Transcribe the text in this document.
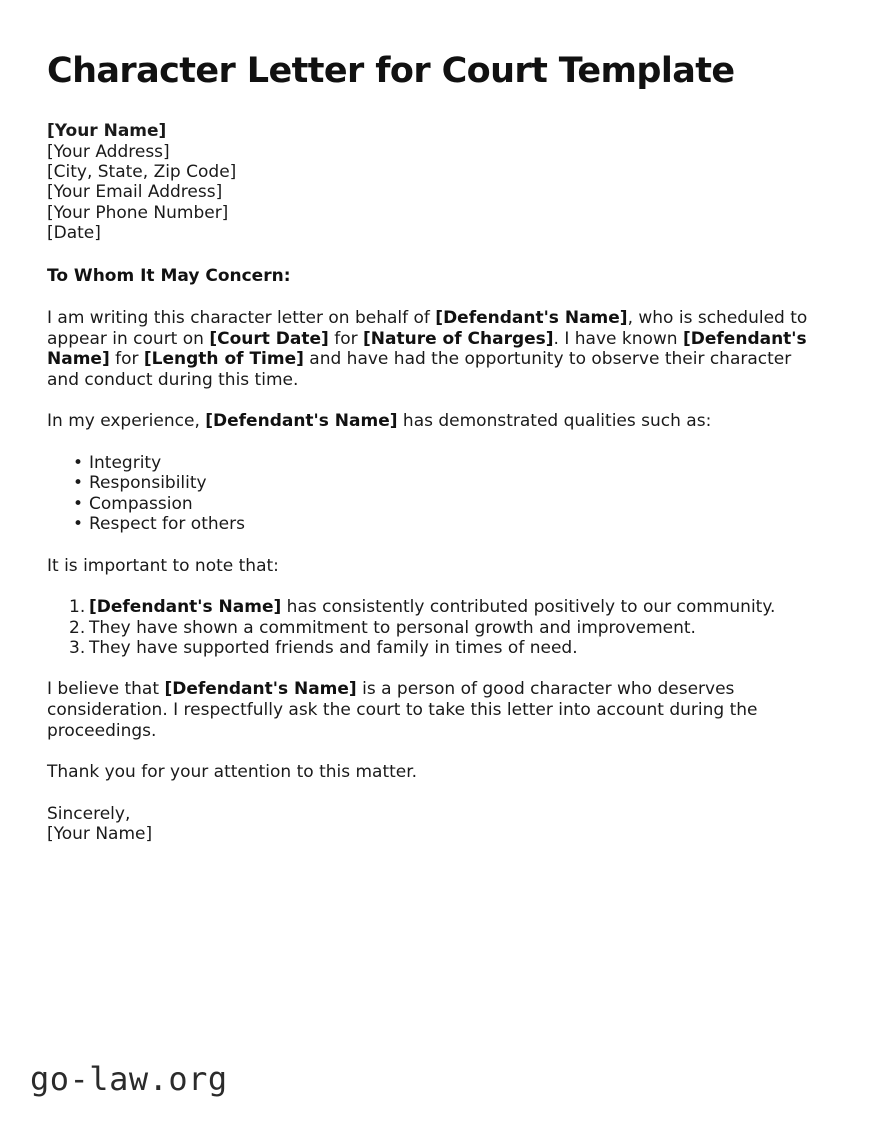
Character Letter for Court Template
[Your Name]
[Your Address]
[City, State, Zip Code]
[Your Email Address]
[Your Phone Number]
[Date]
To Whom It May Concern:

I am writing this character letter on behalf of [Defendant's Name], who is scheduled to appear in court on [Court Date] for [Nature of Charges]. I have known [Defendant's Name] for [Length of Time] and have had the opportunity to observe their character and conduct during this time.

In my experience, [Defendant's Name] has demonstrated qualities such as:

• Integrity
• Responsibility
• Compassion
• Respect for others

It is important to note that:

[Defendant's Name] has consistently contributed positively to our community.
They have shown a commitment to personal growth and improvement.
They have supported friends and family in times of need.

I believe that [Defendant's Name] is a person of good character who deserves consideration. I respectfully ask the court to take this letter into account during the proceedings.

Thank you for your attention to this matter.

Sincerely,
[Your Name]
go-law.org
